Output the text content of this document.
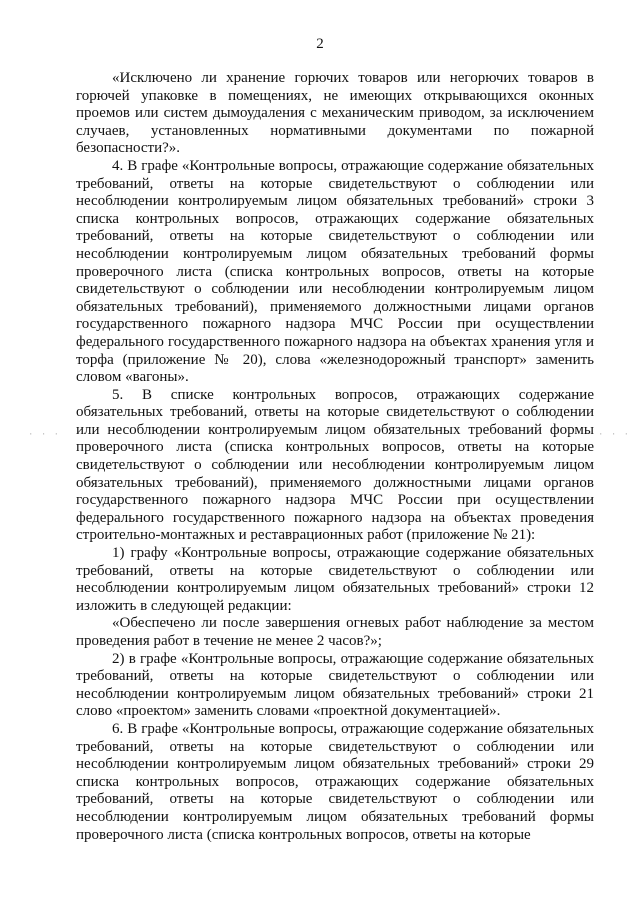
2
· · ·	· · ·

«Исключено ли хранение горючих товаров или негорючих товаров в горючей упаковке в помещениях, не имеющих открывающихся оконных проемов или систем дымоудаления с механическим приводом, за исключением случаев, установленных нормативными документами по пожарной безопасности?».

4. В графе «Контрольные вопросы, отражающие содержание обязательных требований, ответы на которые свидетельствуют о соблюдении или несоблюдении контролируемым лицом обязательных требований» строки 3 списка контрольных вопросов, отражающих содержание обязательных требований, ответы на которые свидетельствуют о соблюдении или несоблюдении контролируемым лицом обязательных требований формы проверочного листа (списка контрольных вопросов, ответы на которые свидетельствуют о соблюдении или несоблюдении контролируемым лицом обязательных требований), применяемого должностными лицами органов государственного пожарного надзора МЧС России при осуществлении федерального государственного пожарного надзора на объектах хранения угля и торфа (приложение № 20), слова «железнодорожный транспорт» заменить словом «вагоны».

5. В списке контрольных вопросов, отражающих содержание обязательных требований, ответы на которые свидетельствуют о соблюдении или несоблюдении контролируемым лицом обязательных требований формы проверочного листа (списка контрольных вопросов, ответы на которые свидетельствуют о соблюдении или несоблюдении контролируемым лицом обязательных требований), применяемого должностными лицами органов государственного пожарного надзора МЧС России при осуществлении федерального государственного пожарного надзора на объектах проведения строительно-монтажных и реставрационных работ (приложение № 21):

1) графу «Контрольные вопросы, отражающие содержание обязательных требований, ответы на которые свидетельствуют о соблюдении или несоблюдении контролируемым лицом обязательных требований» строки 12 изложить в следующей редакции:

«Обеспечено ли после завершения огневых работ наблюдение за местом проведения работ в течение не менее 2 часов?»;

2) в графе «Контрольные вопросы, отражающие содержание обязательных требований, ответы на которые свидетельствуют о соблюдении или несоблюдении контролируемым лицом обязательных требований» строки 21 слово «проектом» заменить словами «проектной документацией».

6. В графе «Контрольные вопросы, отражающие содержание обязательных требований, ответы на которые свидетельствуют о соблюдении или несоблюдении контролируемым лицом обязательных требований» строки 29 списка контрольных вопросов, отражающих содержание обязательных требований, ответы на которые свидетельствуют о соблюдении или несоблюдении контролируемым лицом обязательных требований формы проверочного листа (списка контрольных вопросов, ответы на которые
